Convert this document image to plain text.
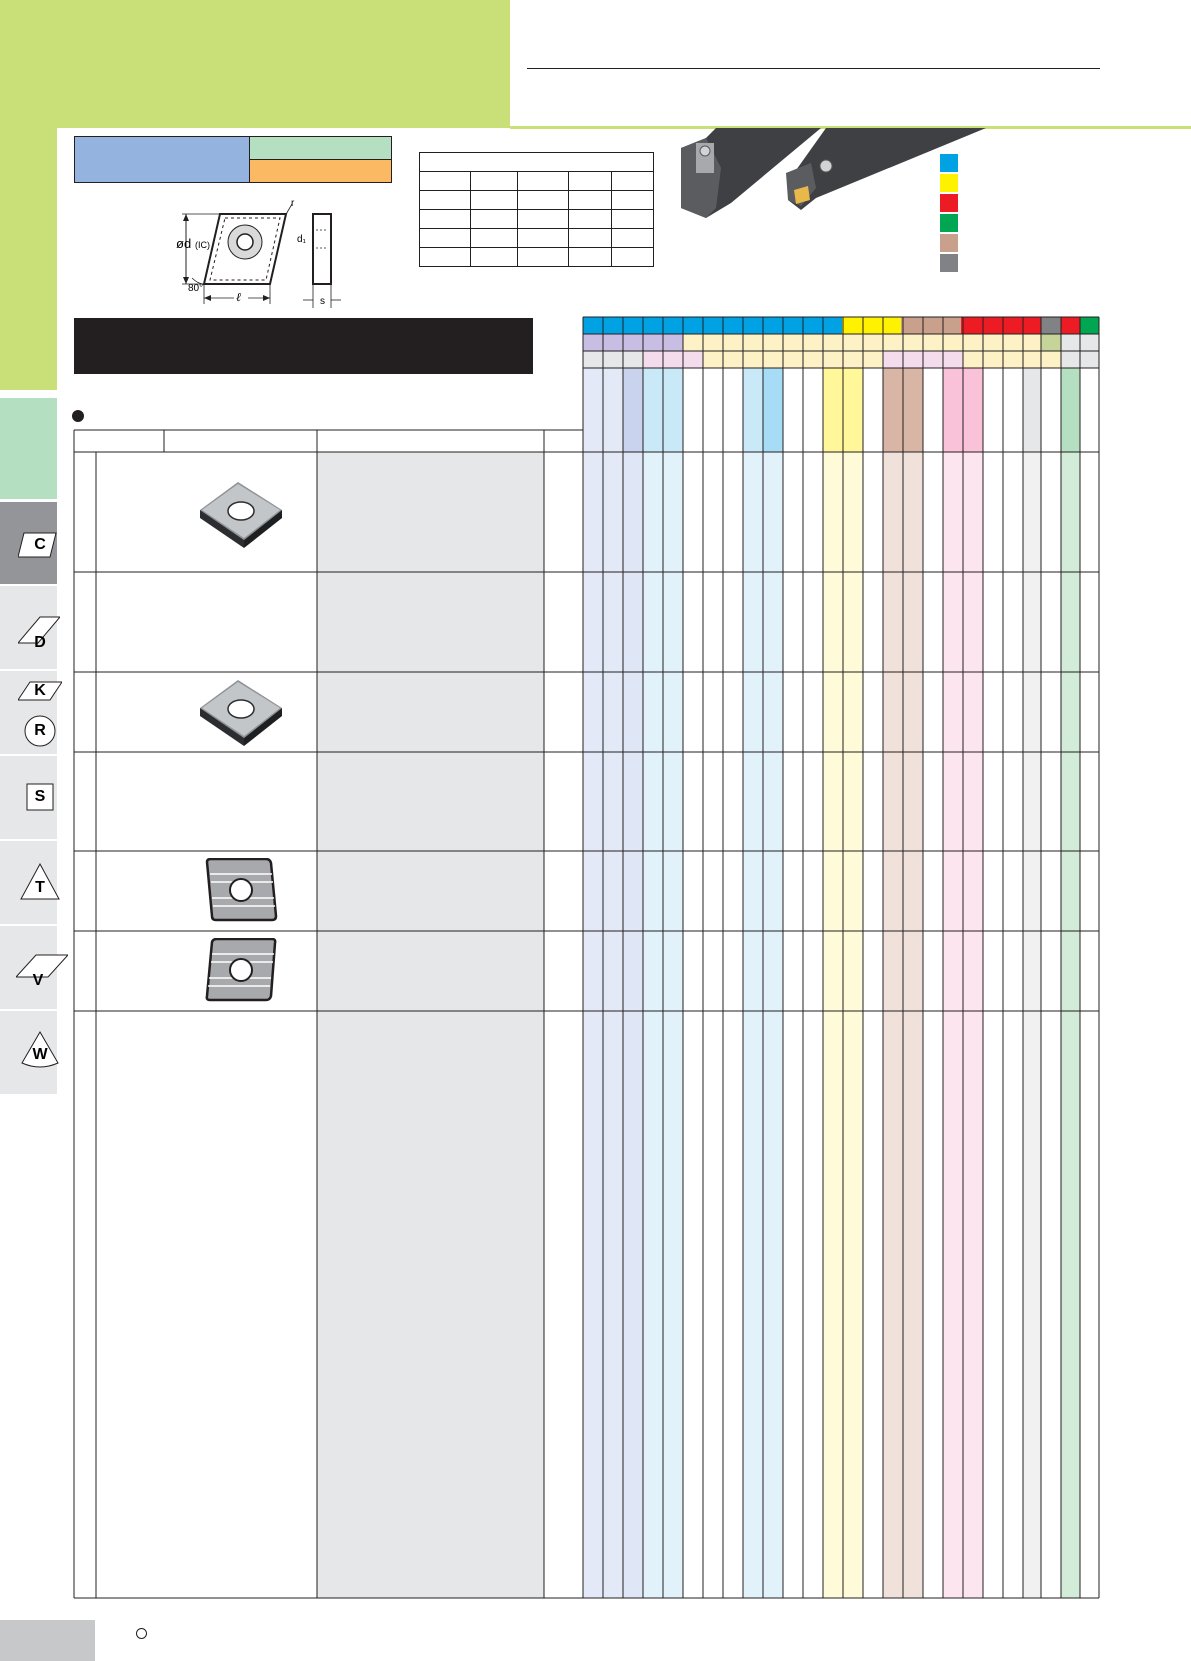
ød (IC)
r
ℓ
80°
d₁
s

C
D
K
R
S
T
V
W
